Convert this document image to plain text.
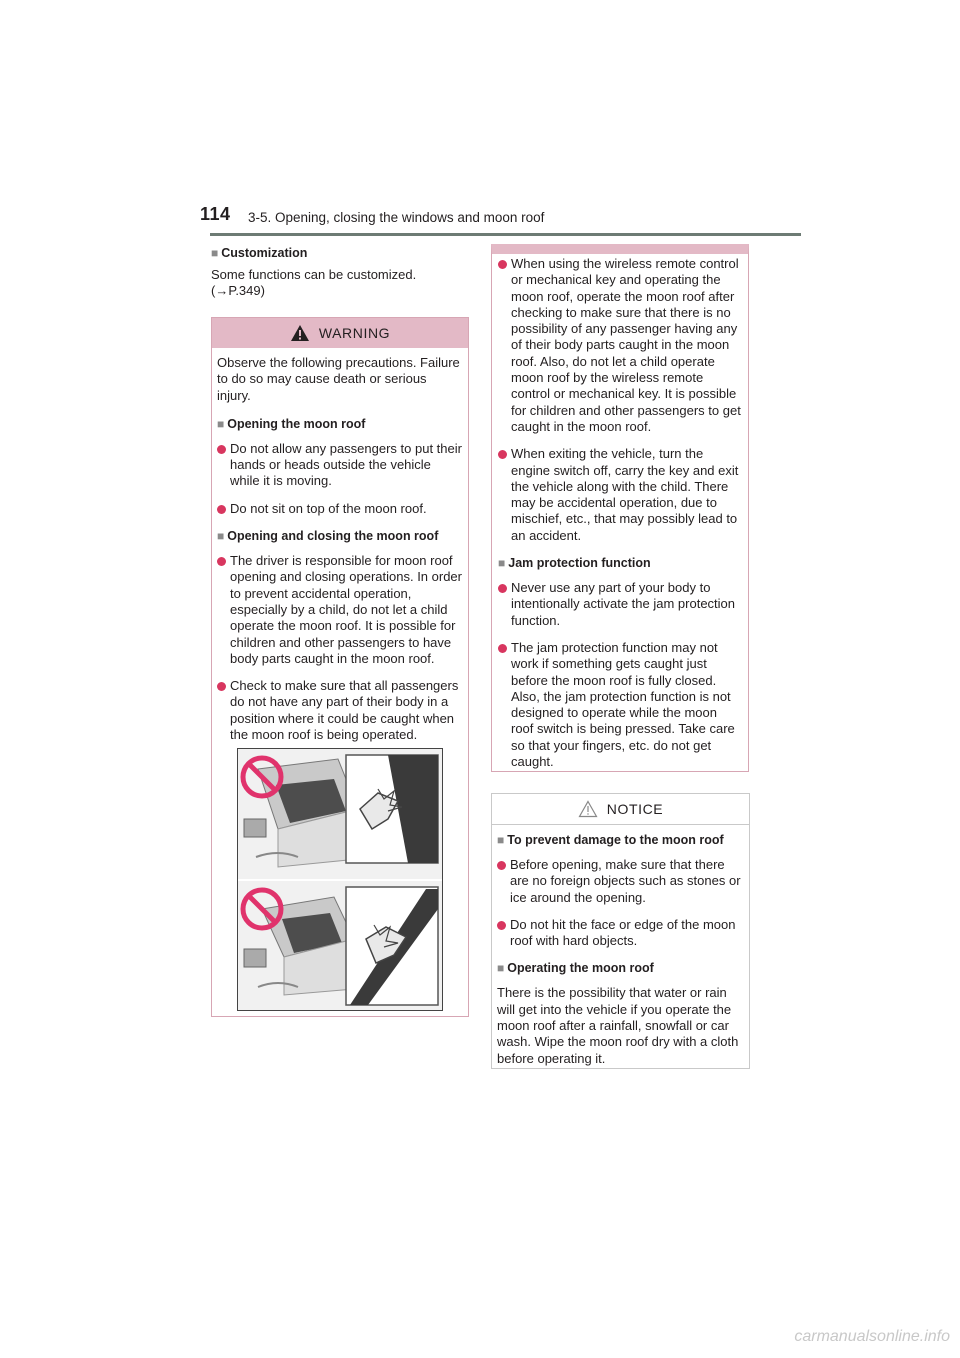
114 3-5. Opening, closing the windows and moon roof
■ Customization
Some functions can be customized.
(→P.349)
WARNING
Observe the following precautions. Failure to do so may cause death or serious injury.
■ Opening the moon roof
Do not allow any passengers to put their hands or heads outside the vehicle while it is moving.
Do not sit on top of the moon roof.
■ Opening and closing the moon roof
The driver is responsible for moon roof opening and closing operations. In order to prevent accidental operation, especially by a child, do not let a child operate the moon roof. It is possible for children and other passengers to have body parts caught in the moon roof.
Check to make sure that all passengers do not have any part of their body in a position where it could be caught when the moon roof is being operated.
When using the wireless remote control or mechanical key and operating the moon roof, operate the moon roof after checking to make sure that there is no possibility of any passenger having any of their body parts caught in the moon roof. Also, do not let a child operate moon roof by the wireless remote control or mechanical key. It is possible for children and other passengers to get caught in the moon roof.
When exiting the vehicle, turn the engine switch off, carry the key and exit the vehicle along with the child. There may be accidental operation, due to mischief, etc., that may possibly lead to an accident.
■ Jam protection function
Never use any part of your body to intentionally activate the jam protection function.
The jam protection function may not work if something gets caught just before the moon roof is fully closed. Also, the jam protection function is not designed to operate while the moon roof switch is being pressed. Take care so that your fingers, etc. do not get caught.
NOTICE
■ To prevent damage to the moon roof
Before opening, make sure that there are no foreign objects such as stones or ice around the opening.
Do not hit the face or edge of the moon roof with hard objects.
■ Operating the moon roof
There is the possibility that water or rain will get into the vehicle if you operate the moon roof after a rainfall, snowfall or car wash. Wipe the moon roof dry with a cloth before operating it.
carmanualsonline.info
